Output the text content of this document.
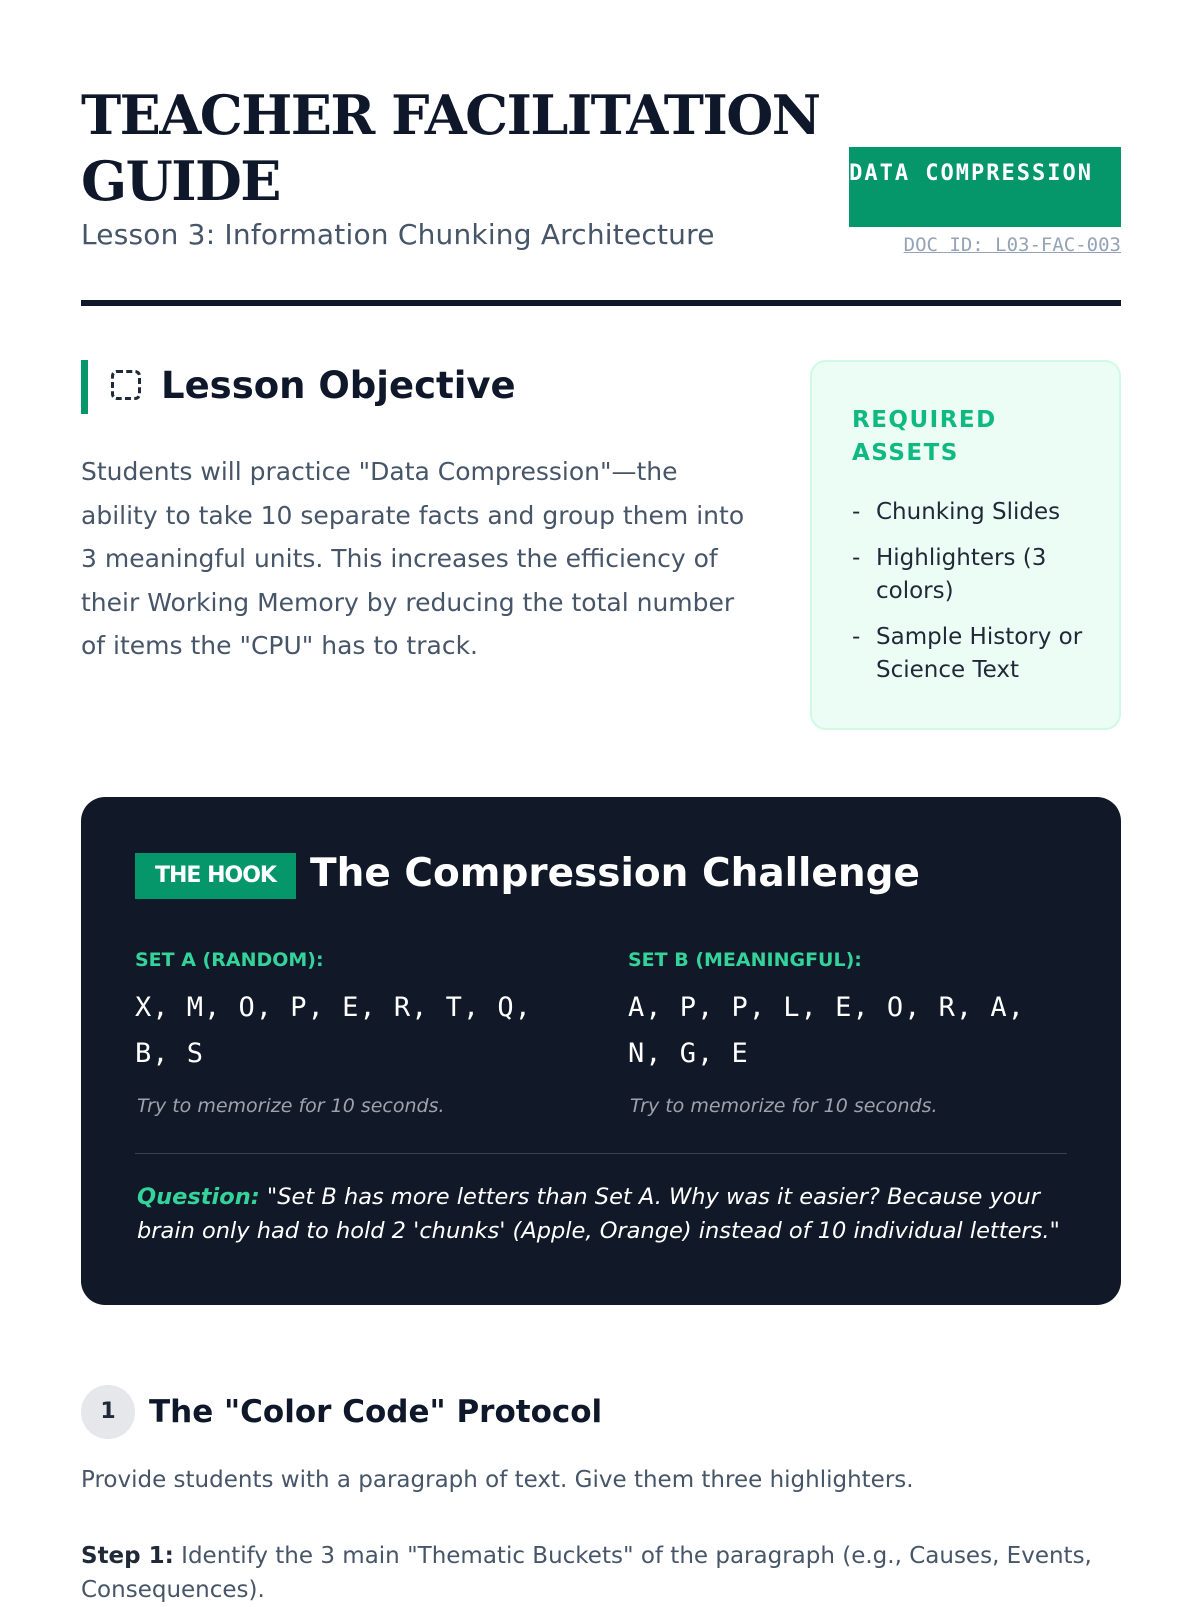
TEACHER FACILITATION GUIDE

Lesson 3: Information Chunking Architecture

DATA COMPRESSION
DOC ID: L03-FAC-003
Lesson Objective

Students will practice "Data Compression"—the ability to take 10 separate facts and group them into 3 meaningful units. This increases the efficiency of their Working Memory by reducing the total number of items the "CPU" has to track.

REQUIRED ASSETS
- Chunking Slides
- Highlighters (3 colors)
- Sample History or Science Text
THE HOOK The Compression Challenge

SET A (RANDOM):

X, M, O, P, E, R, T, Q, B, S

Try to memorize for 10 seconds.

SET B (MEANINGFUL):

A, P, P, L, E, O, R, A, N, G, E

Try to memorize for 10 seconds.

Question: "Set B has more letters than Set A. Why was it easier? Because your brain only had to hold 2 'chunks' (Apple, Orange) instead of 10 individual letters."

1	The "Color Code" Protocol

Provide students with a paragraph of text. Give them three highlighters.

Step 1: Identify the 3 main "Thematic Buckets" of the paragraph (e.g., Causes, Events, Consequences).
